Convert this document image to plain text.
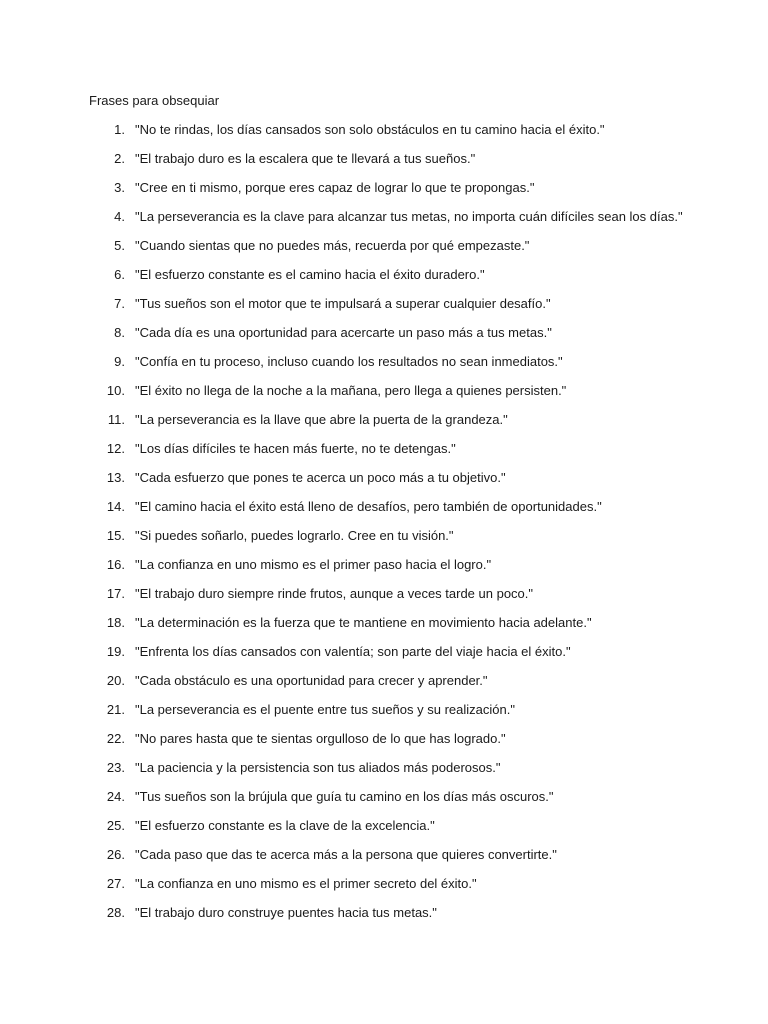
Frases para obsequiar
1. "No te rindas, los días cansados son solo obstáculos en tu camino hacia el éxito."
2. "El trabajo duro es la escalera que te llevará a tus sueños."
3. "Cree en ti mismo, porque eres capaz de lograr lo que te propongas."
4. "La perseverancia es la clave para alcanzar tus metas, no importa cuán difíciles sean los días."
5. "Cuando sientas que no puedes más, recuerda por qué empezaste."
6. "El esfuerzo constante es el camino hacia el éxito duradero."
7. "Tus sueños son el motor que te impulsará a superar cualquier desafío."
8. "Cada día es una oportunidad para acercarte un paso más a tus metas."
9. "Confía en tu proceso, incluso cuando los resultados no sean inmediatos."
10. "El éxito no llega de la noche a la mañana, pero llega a quienes persisten."
11. "La perseverancia es la llave que abre la puerta de la grandeza."
12. "Los días difíciles te hacen más fuerte, no te detengas."
13. "Cada esfuerzo que pones te acerca un poco más a tu objetivo."
14. "El camino hacia el éxito está lleno de desafíos, pero también de oportunidades."
15. "Si puedes soñarlo, puedes lograrlo. Cree en tu visión."
16. "La confianza en uno mismo es el primer paso hacia el logro."
17. "El trabajo duro siempre rinde frutos, aunque a veces tarde un poco."
18. "La determinación es la fuerza que te mantiene en movimiento hacia adelante."
19. "Enfrenta los días cansados con valentía; son parte del viaje hacia el éxito."
20. "Cada obstáculo es una oportunidad para crecer y aprender."
21. "La perseverancia es el puente entre tus sueños y su realización."
22. "No pares hasta que te sientas orgulloso de lo que has logrado."
23. "La paciencia y la persistencia son tus aliados más poderosos."
24. "Tus sueños son la brújula que guía tu camino en los días más oscuros."
25. "El esfuerzo constante es la clave de la excelencia."
26. "Cada paso que das te acerca más a la persona que quieres convertirte."
27. "La confianza en uno mismo es el primer secreto del éxito."
28. "El trabajo duro construye puentes hacia tus metas."
